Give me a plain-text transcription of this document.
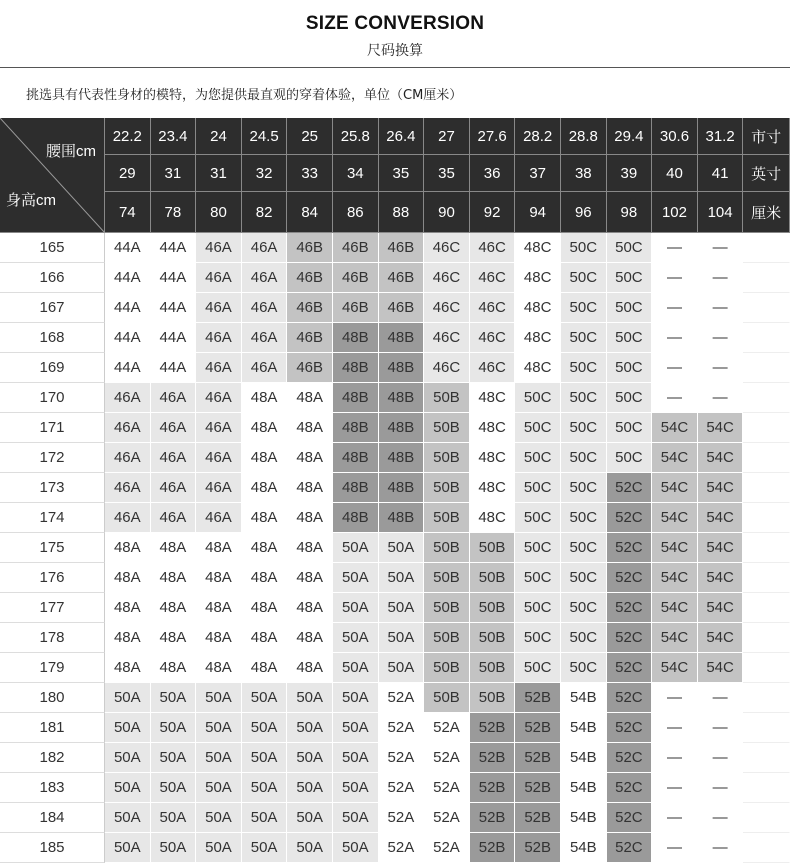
SIZE CONVERSION
尺码换算
挑选具有代表性身材的模特，为您提供最直观的穿着体验，单位（CM厘米）
腰围cm
身高cm
22.2	23.4	24	24.5	25	25.8	26.4	27	27.6	28.2	28.8	29.4	30.6	31.2	市寸
29	31	31	32	33	34	35	35	36	37	38	39	40	41	英寸
74	78	80	82	84	86	88	90	92	94	96	98	102	104	厘米
165	44A	44A	46A	46A	46B	46B	46B	46C	46C	48C	50C	50C	—	—
166	44A	44A	46A	46A	46B	46B	46B	46C	46C	48C	50C	50C	—	—
167	44A	44A	46A	46A	46B	46B	46B	46C	46C	48C	50C	50C	—	—
168	44A	44A	46A	46A	46B	48B	48B	46C	46C	48C	50C	50C	—	—
169	44A	44A	46A	46A	46B	48B	48B	46C	46C	48C	50C	50C	—	—
170	46A	46A	46A	48A	48A	48B	48B	50B	48C	50C	50C	50C	—	—
171	46A	46A	46A	48A	48A	48B	48B	50B	48C	50C	50C	50C	54C	54C
172	46A	46A	46A	48A	48A	48B	48B	50B	48C	50C	50C	50C	54C	54C
173	46A	46A	46A	48A	48A	48B	48B	50B	48C	50C	50C	52C	54C	54C
174	46A	46A	46A	48A	48A	48B	48B	50B	48C	50C	50C	52C	54C	54C
175	48A	48A	48A	48A	48A	50A	50A	50B	50B	50C	50C	52C	54C	54C
176	48A	48A	48A	48A	48A	50A	50A	50B	50B	50C	50C	52C	54C	54C
177	48A	48A	48A	48A	48A	50A	50A	50B	50B	50C	50C	52C	54C	54C
178	48A	48A	48A	48A	48A	50A	50A	50B	50B	50C	50C	52C	54C	54C
179	48A	48A	48A	48A	48A	50A	50A	50B	50B	50C	50C	52C	54C	54C
180	50A	50A	50A	50A	50A	50A	52A	50B	50B	52B	54B	52C	—	—
181	50A	50A	50A	50A	50A	50A	52A	52A	52B	52B	54B	52C	—	—
182	50A	50A	50A	50A	50A	50A	52A	52A	52B	52B	54B	52C	—	—
183	50A	50A	50A	50A	50A	50A	52A	52A	52B	52B	54B	52C	—	—
184	50A	50A	50A	50A	50A	50A	52A	52A	52B	52B	54B	52C	—	—
185	50A	50A	50A	50A	50A	50A	52A	52A	52B	52B	54B	52C	—	—
